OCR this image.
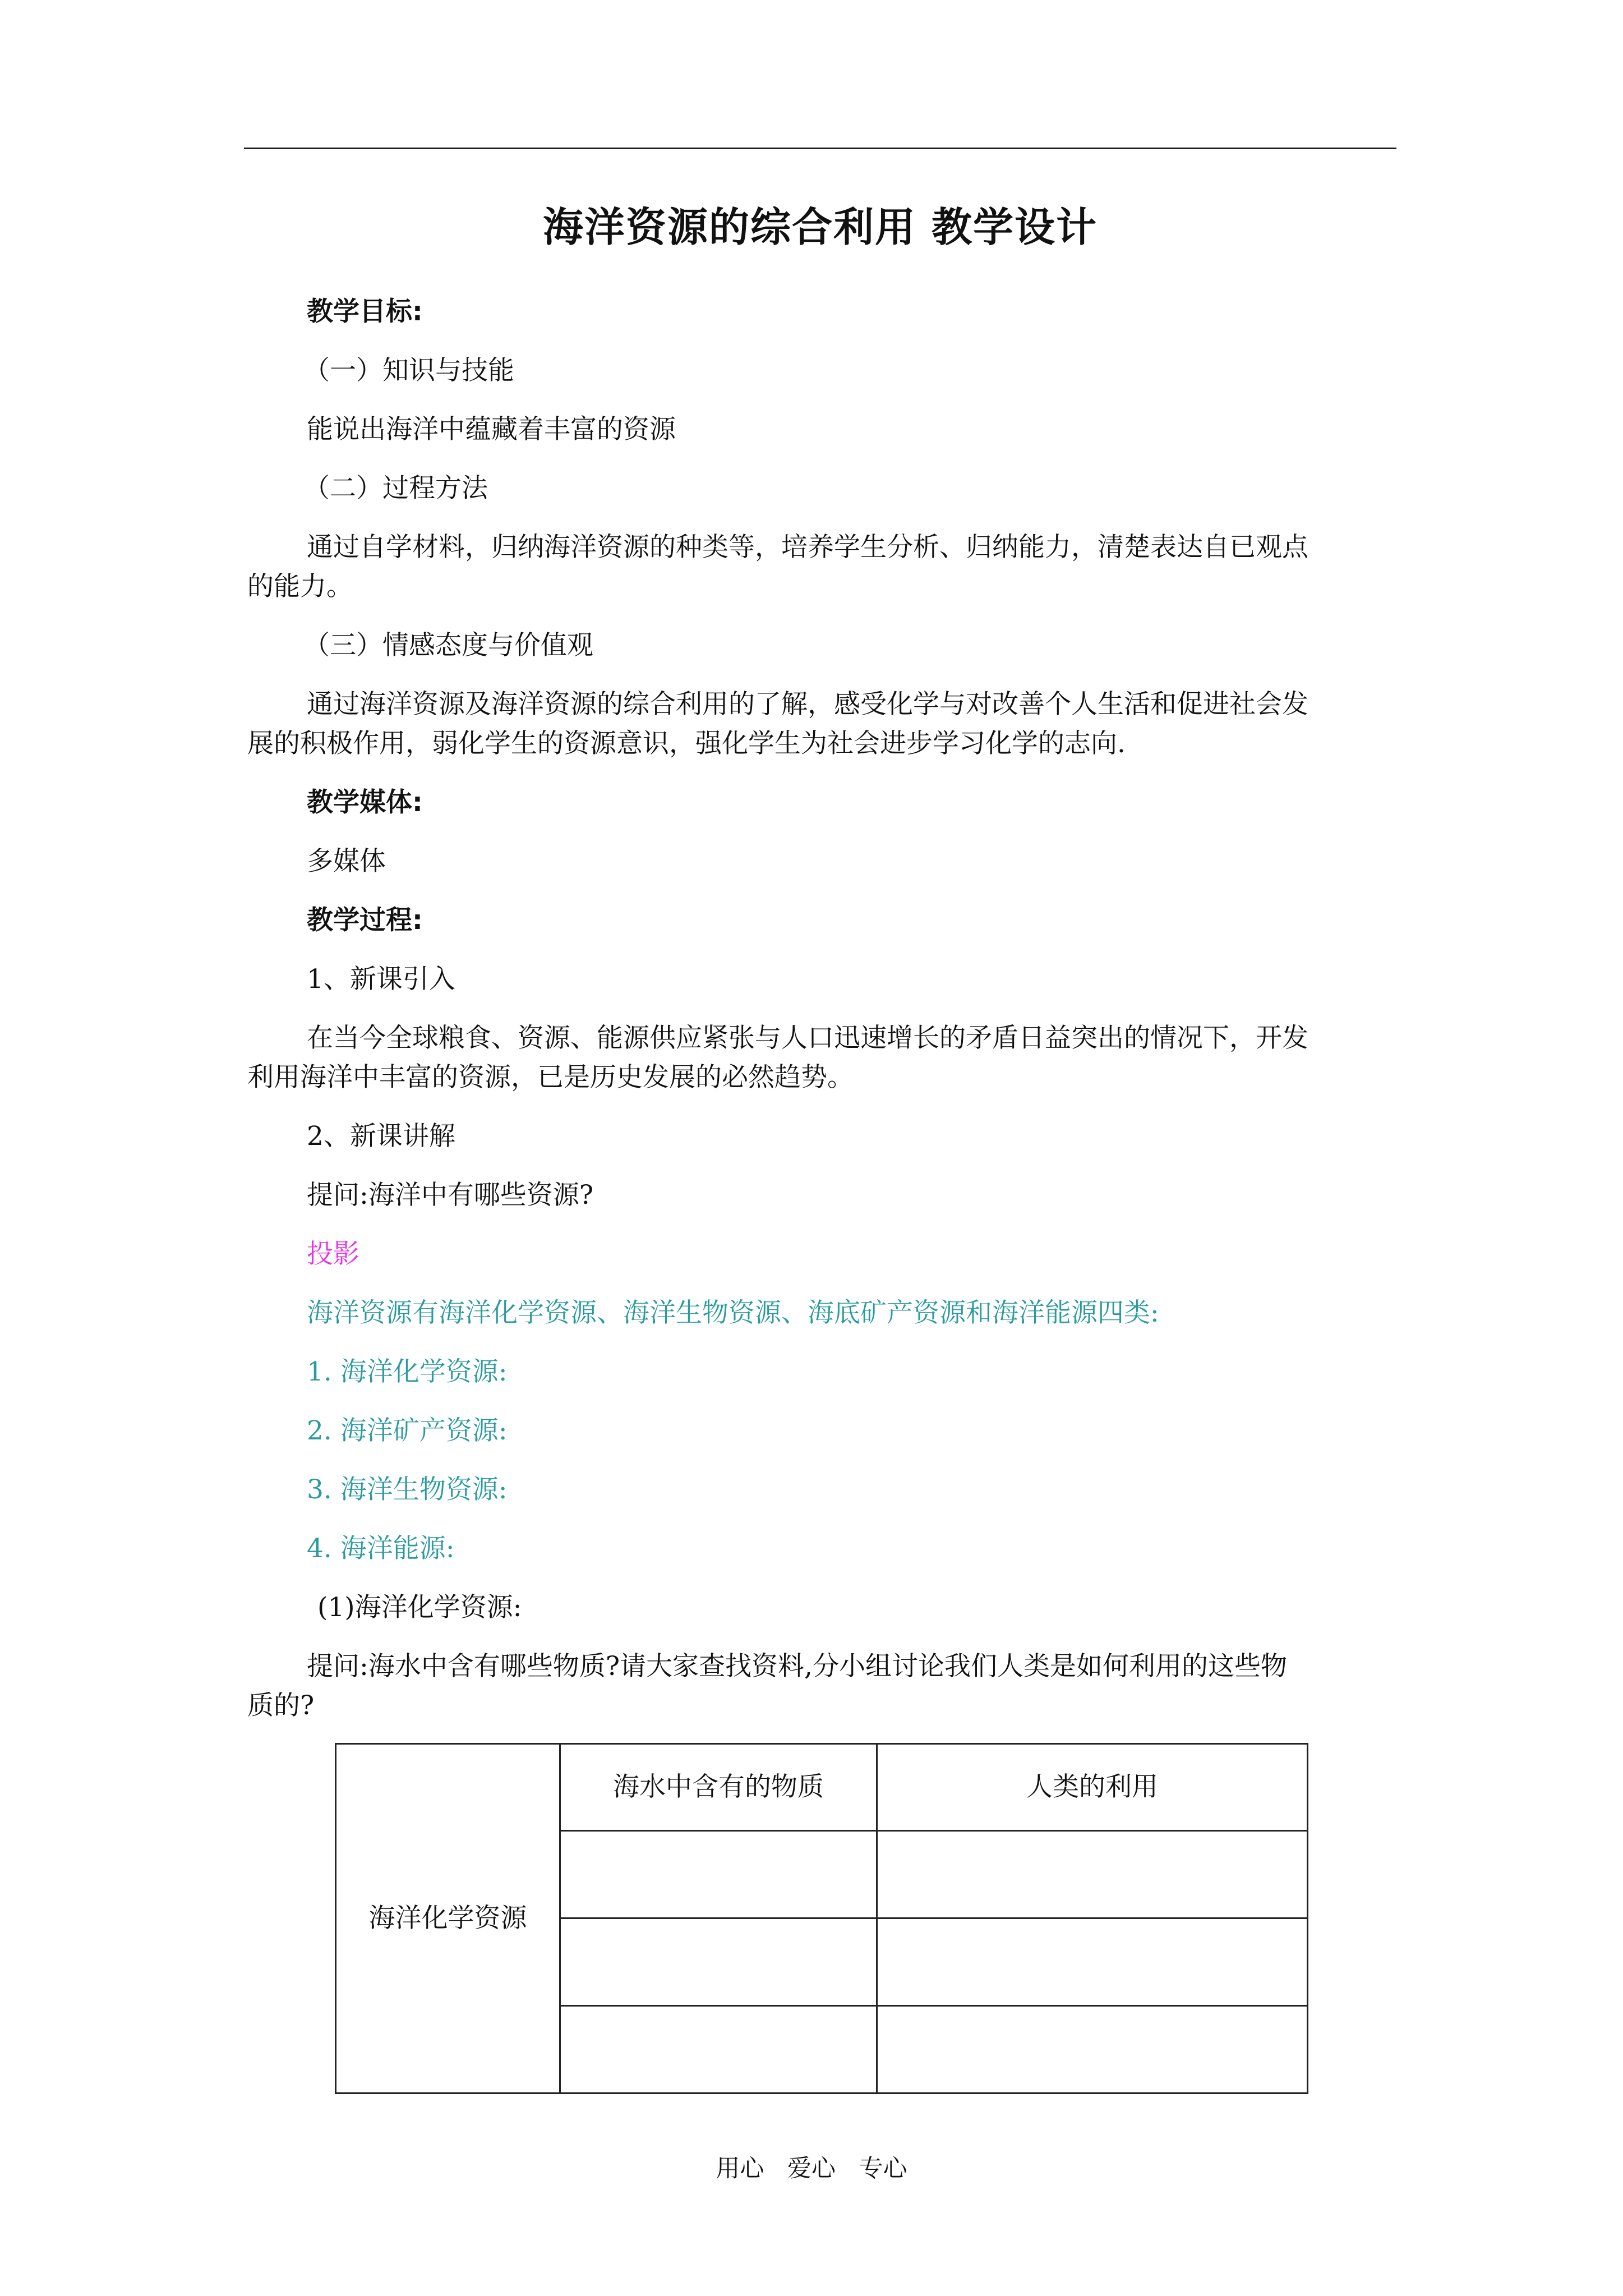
海洋资源的综合利用 教学设计
教学目标:
（一）知识与技能
能说出海洋中蕴藏着丰富的资源
（二）过程方法
通过自学材料，归纳海洋资源的种类等，培养学生分析、归纳能力，清楚表达自已观点
的能力。
（三）情感态度与价值观
通过海洋资源及海洋资源的综合利用的了解，感受化学与对改善个人生活和促进社会发
展的积极作用，弱化学生的资源意识，强化学生为社会进步学习化学的志向.
教学媒体:
多媒体
教学过程:
1、新课引入
在当今全球粮食、资源、能源供应紧张与人口迅速增长的矛盾日益突出的情况下，开发
利用海洋中丰富的资源，已是历史发展的必然趋势。
2、新课讲解
提问:海洋中有哪些资源?
投影
海洋资源有海洋化学资源、海洋生物资源、海底矿产资源和海洋能源四类:
1. 海洋化学资源:
2. 海洋矿产资源:
3. 海洋生物资源:
4. 海洋能源:
(1)海洋化学资源:
提问:海水中含有哪些物质?请大家查找资料,分小组讨论我们人类是如何利用的这些物
质的?
海洋化学资源	海水中含有的物质	人类的利用

用心 爱心 专心
